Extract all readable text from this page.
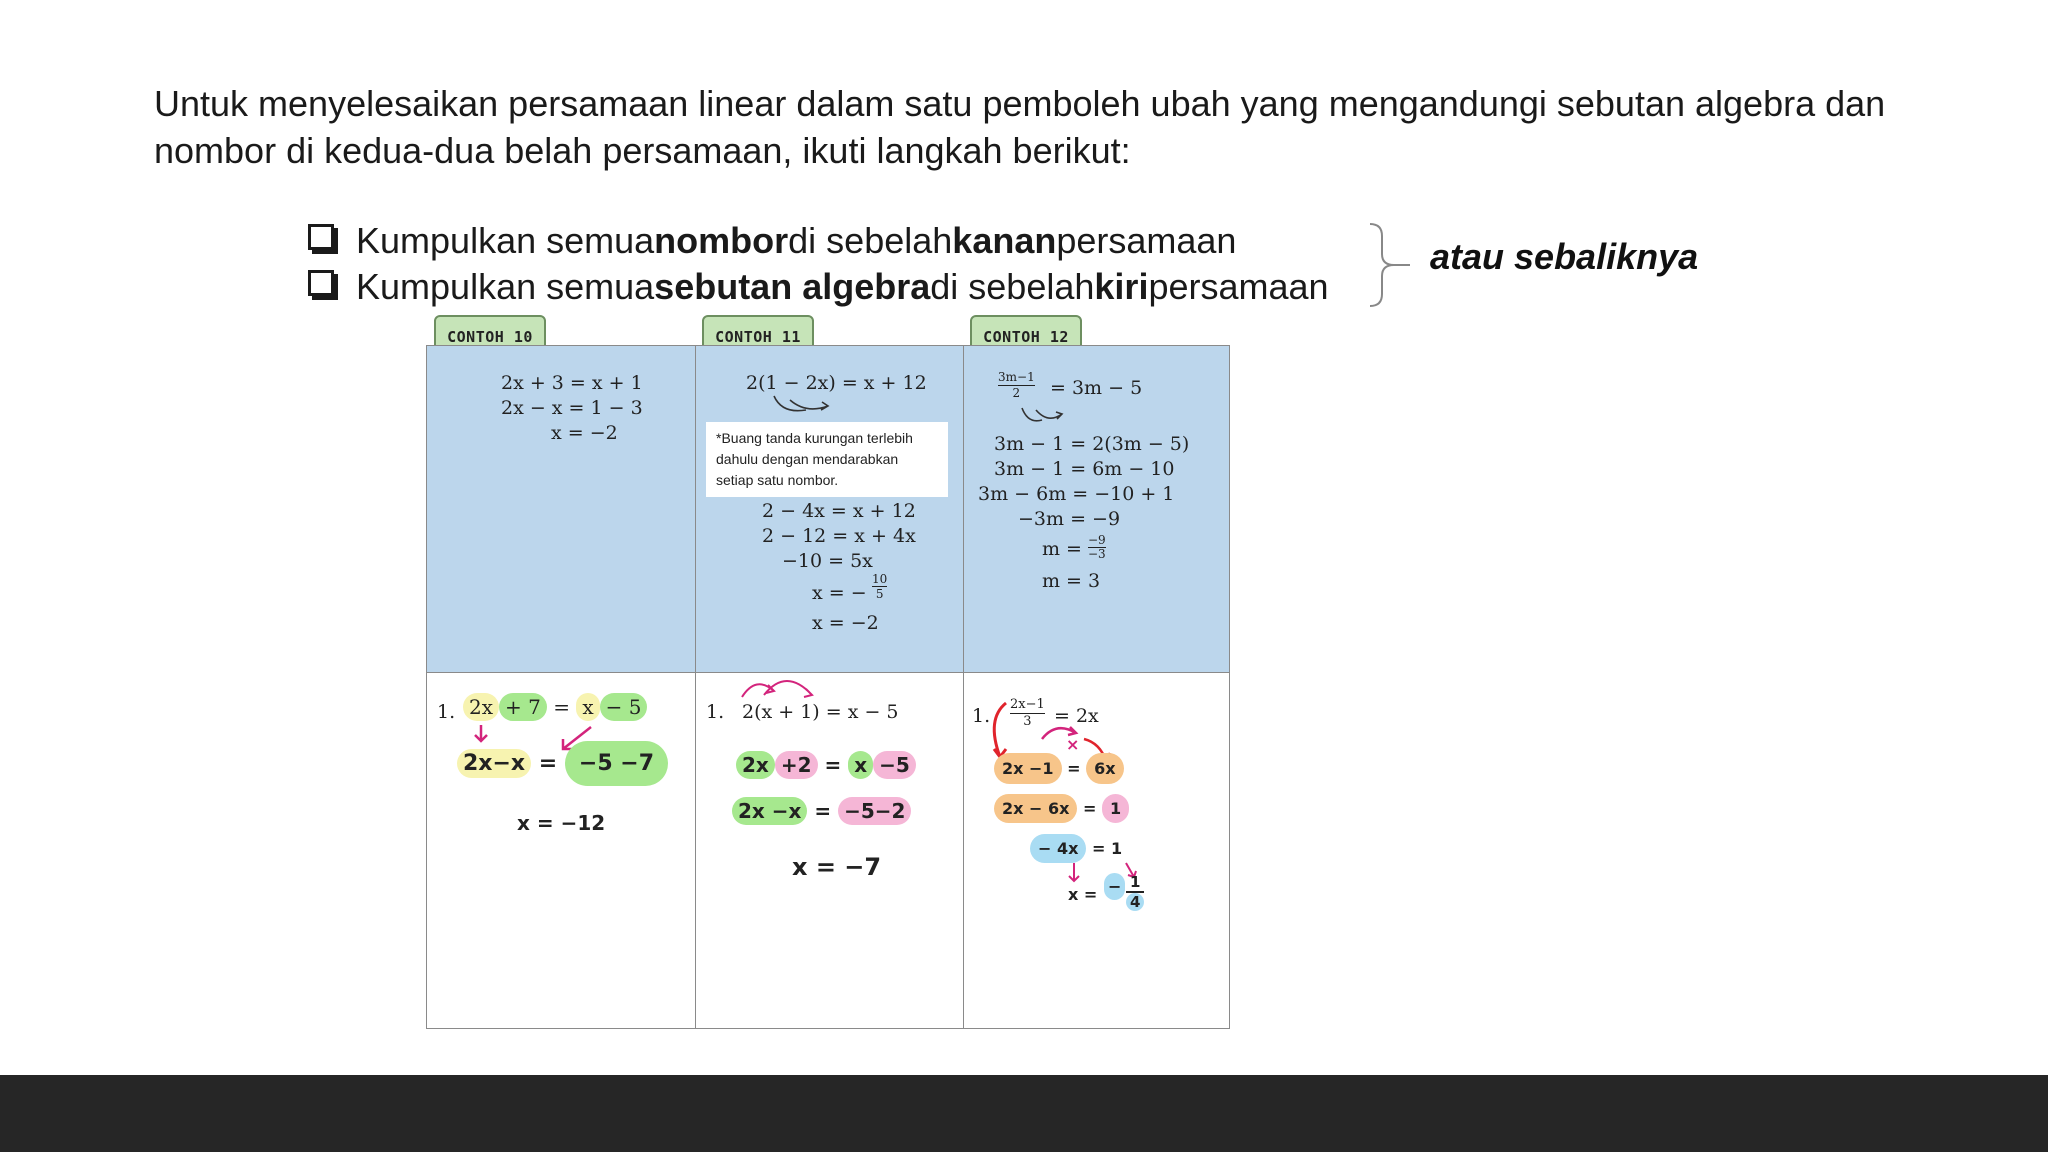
Untuk menyelesaikan persamaan linear dalam satu pemboleh ubah yang mengandungi sebutan algebra dan nombor di kedua-dua belah persamaan, ikuti langkah berikut:
Kumpulkan semua nombor di sebelah kanan persamaan
Kumpulkan semua sebutan algebra di sebelah kiri persamaan
atau sebaliknya
CONTOH 10	CONTOH 11	CONTOH 12
2x + 3 = x + 1
2x − x = 1 − 3
x = −2
2(1 − 2x) = x + 12
*Buang tanda kurungan terlebih dahulu dengan mendarabkan setiap satu nombor.
2 − 4x = x + 12
2 − 12 = x + 4x
−10 = 5x
x = −
10
5
x = −2
3m−1
2	= 3m − 5
3m − 1 = 2(3m − 5)
3m − 1 = 6m − 10
3m − 6m = −10 + 1
−3m = −9
m = −9
−3
m = 3
1. 2x + 7 = x − 5
2x−x = −5 −7
x = −12
1. 2(x + 1) = x − 5
2x +2 = x −5
2x −x = −5−2
x = −7
1.
2x−1
3	= 2x
×
2x −1 = 6x
2x − 6x = 1
− 4x = 1
x = − 1
4
